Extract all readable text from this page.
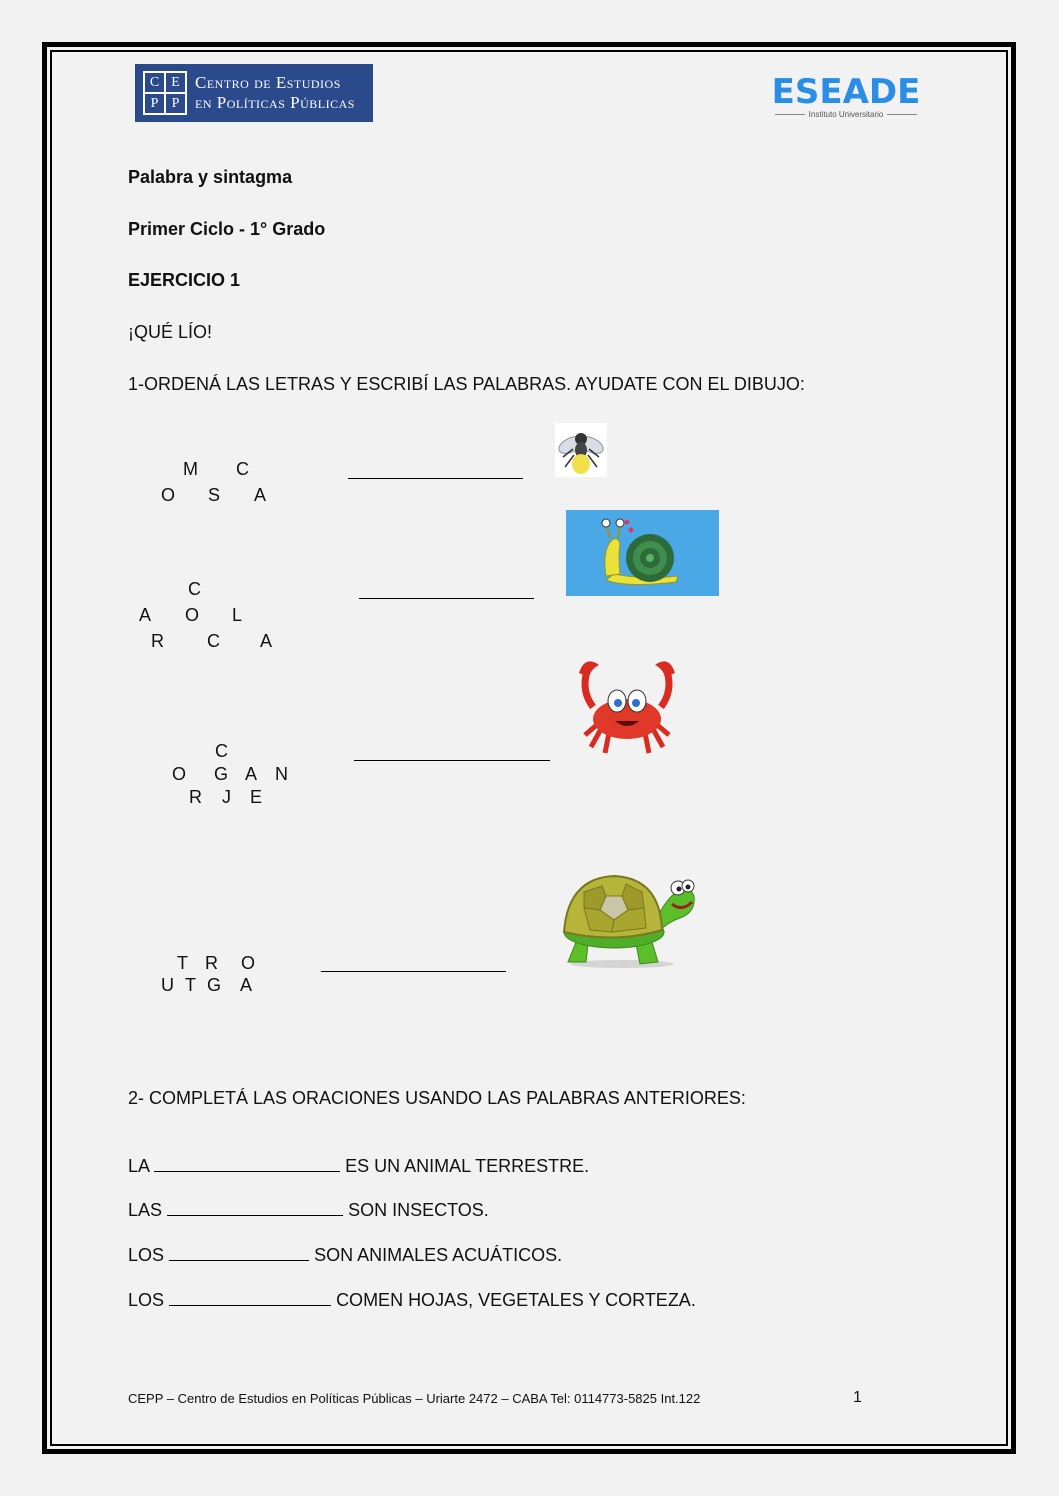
C E
P P
Centro de Estudios
en Políticas Públicas	ESEADE
Instituto Universitario
Palabra y sintagma
Primer Ciclo - 1° Grado
EJERCICIO 1
¡QUÉ LÍO!
1-ORDENÁ LAS LETRAS Y ESCRIBÍ LAS PALABRAS. AYUDATE CON EL DIBUJO:
M C
O S A
C
A O L
R C A
C
O G A N
R J E
T R O
U T G A
2- COMPLETÁ LAS ORACIONES USANDO LAS PALABRAS ANTERIORES:
LA	ES UN ANIMAL TERRESTRE.
LAS	SON INSECTOS.
LOS	SON ANIMALES ACUÁTICOS.
LOS	COMEN HOJAS, VEGETALES Y CORTEZA.
CEPP – Centro de Estudios en Políticas Públicas – Uriarte 2472 – CABA Tel: 0114773-5825 Int.122	1
